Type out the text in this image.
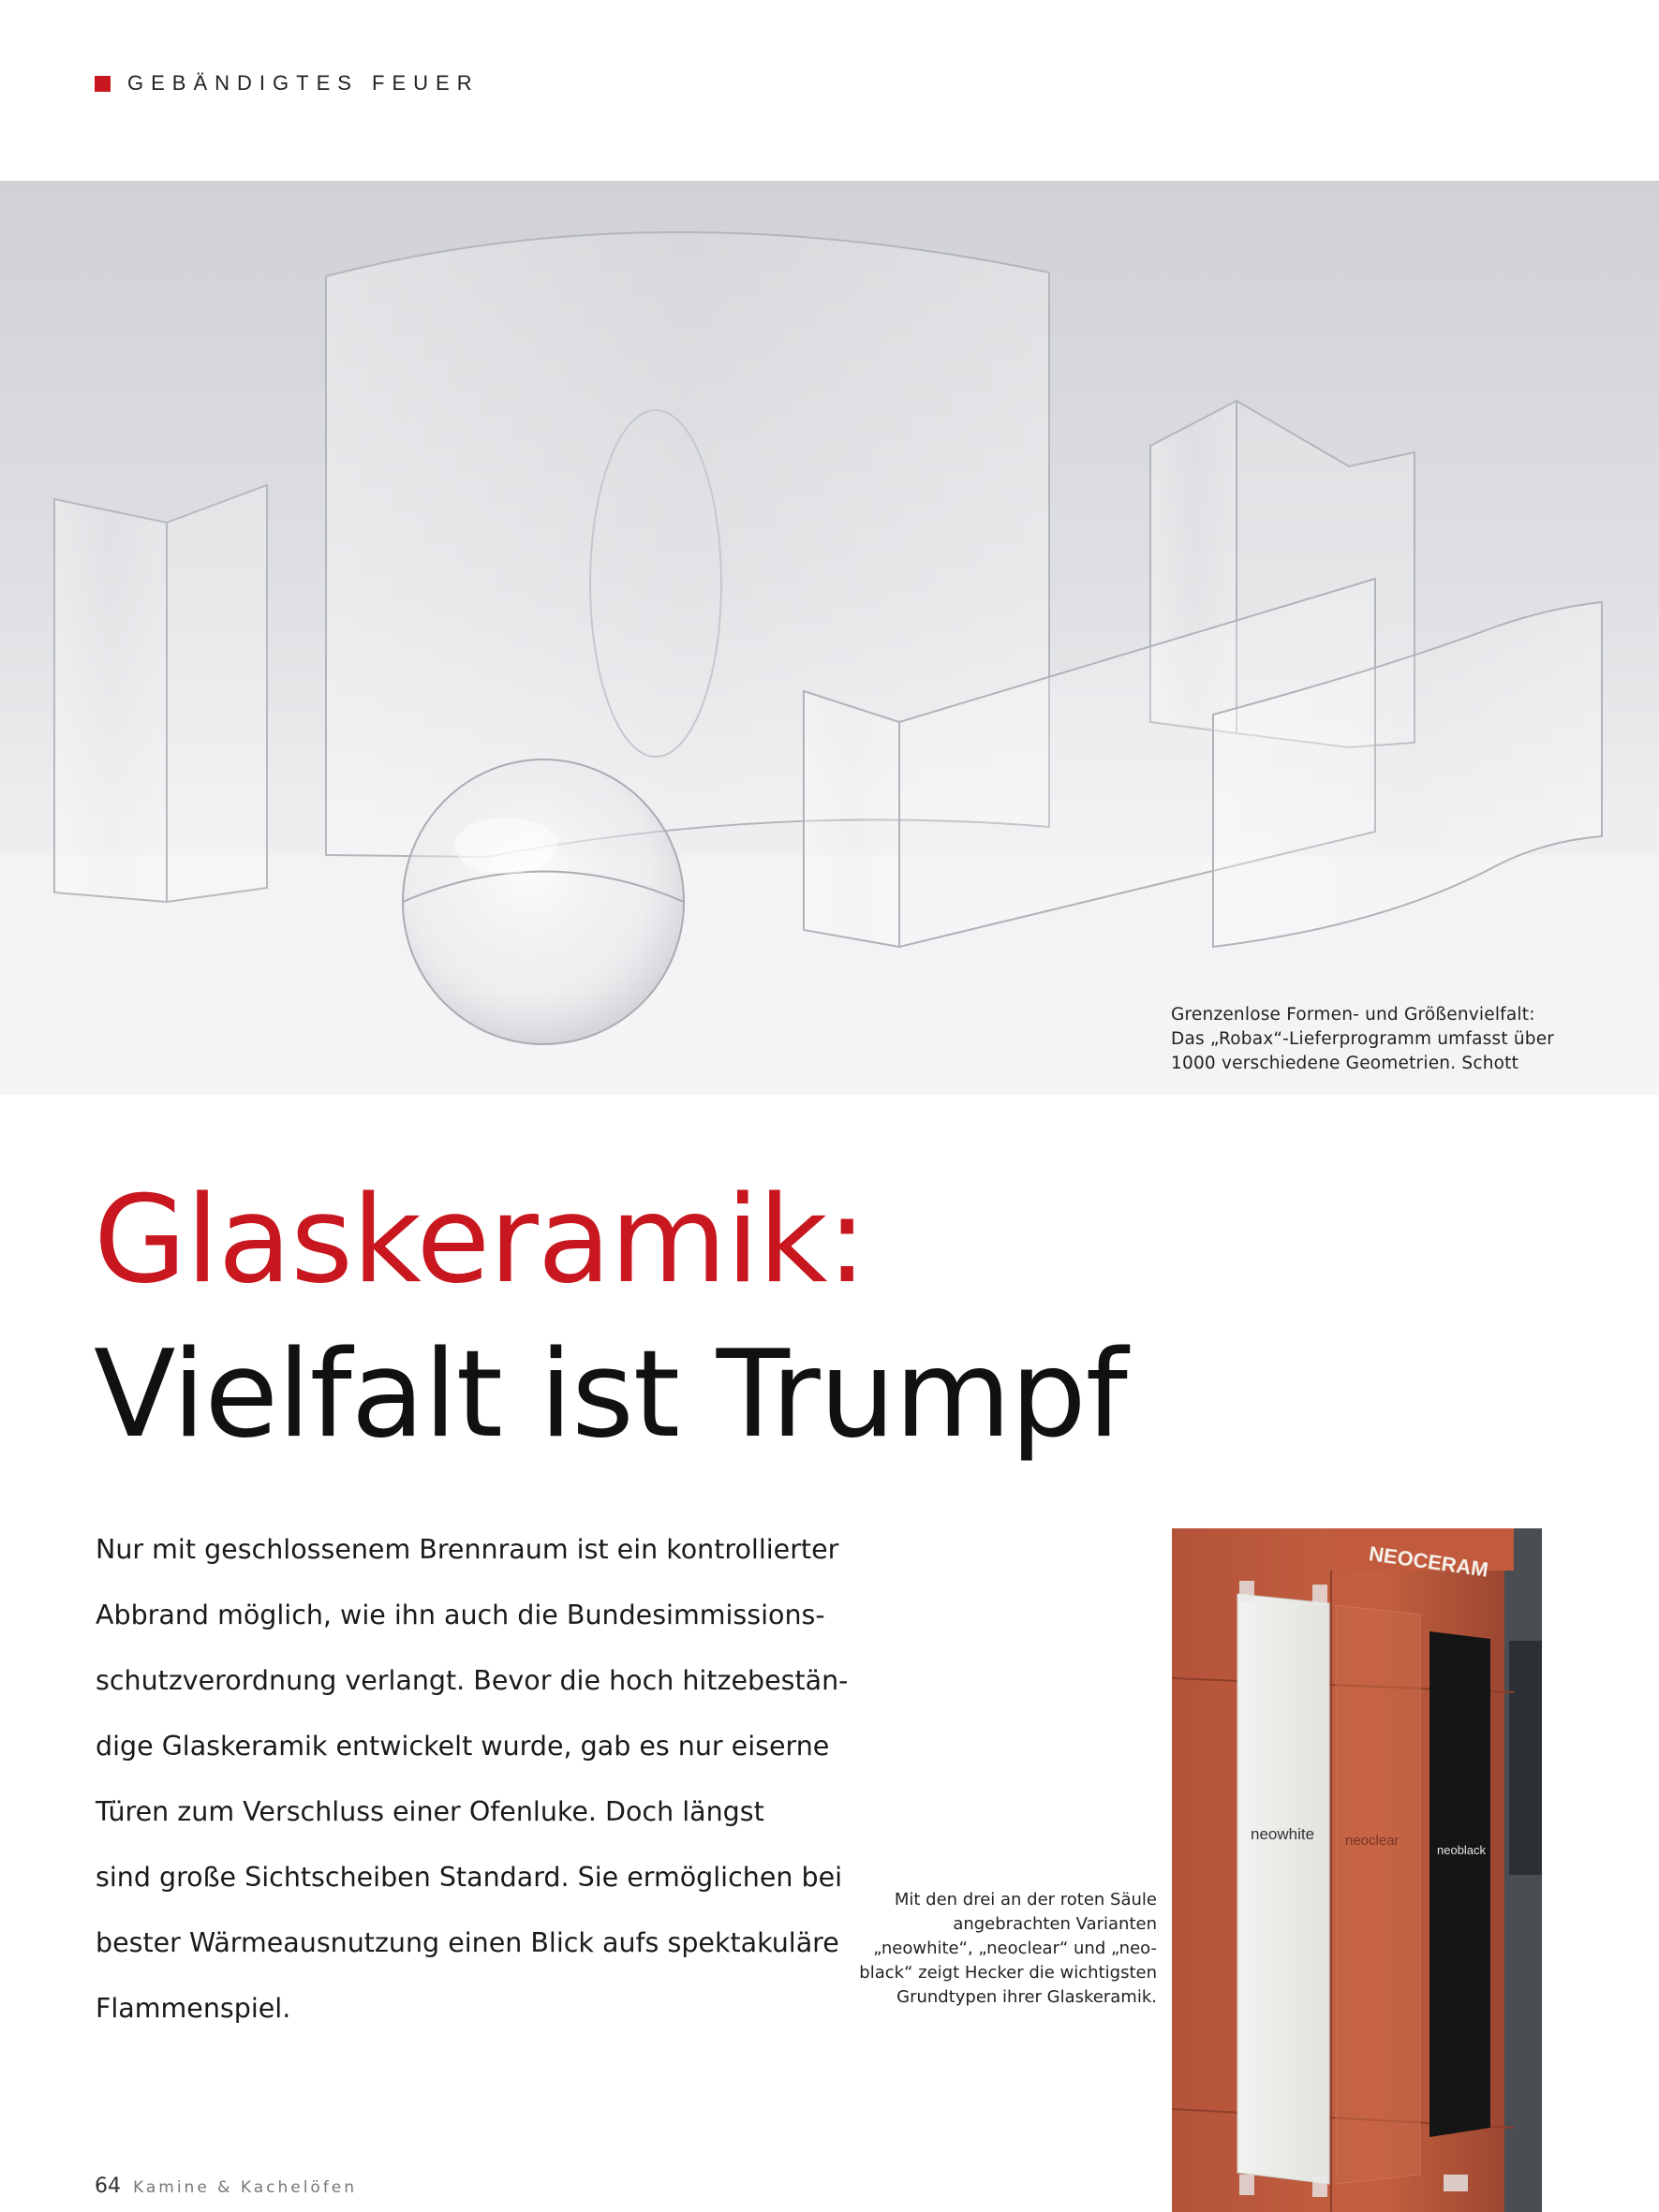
GEBÄNDIGTES FEUER
Grenzenlose Formen- und Größenvielfalt:
Das „Robax“-Lieferprogramm umfasst über
1000 verschiedene Geometrien. Schott
Glaskeramik:
Vielfalt ist Trumpf
Nur mit geschlossenem Brennraum ist ein kontrollierter
Abbrand möglich, wie ihn auch die Bundesimmissions-
schutzverordnung verlangt. Bevor die hoch hitzebestän-
dige Glaskeramik entwickelt wurde, gab es nur eiserne
Türen zum Verschluss einer Ofenluke. Doch längst
sind große Sichtscheiben Standard. Sie ermöglichen bei
bester Wärmeausnutzung einen Blick aufs spektakuläre
Flammenspiel.
NEOCERAM
neowhite neoclear
neoblack
Mit den drei an der roten Säule
angebrachten Varianten
„neowhite“, „neoclear“ und „neo-
black“ zeigt Hecker die wichtigsten
Grundtypen ihrer Glaskeramik.
64 Kamine & Kachelöfen
